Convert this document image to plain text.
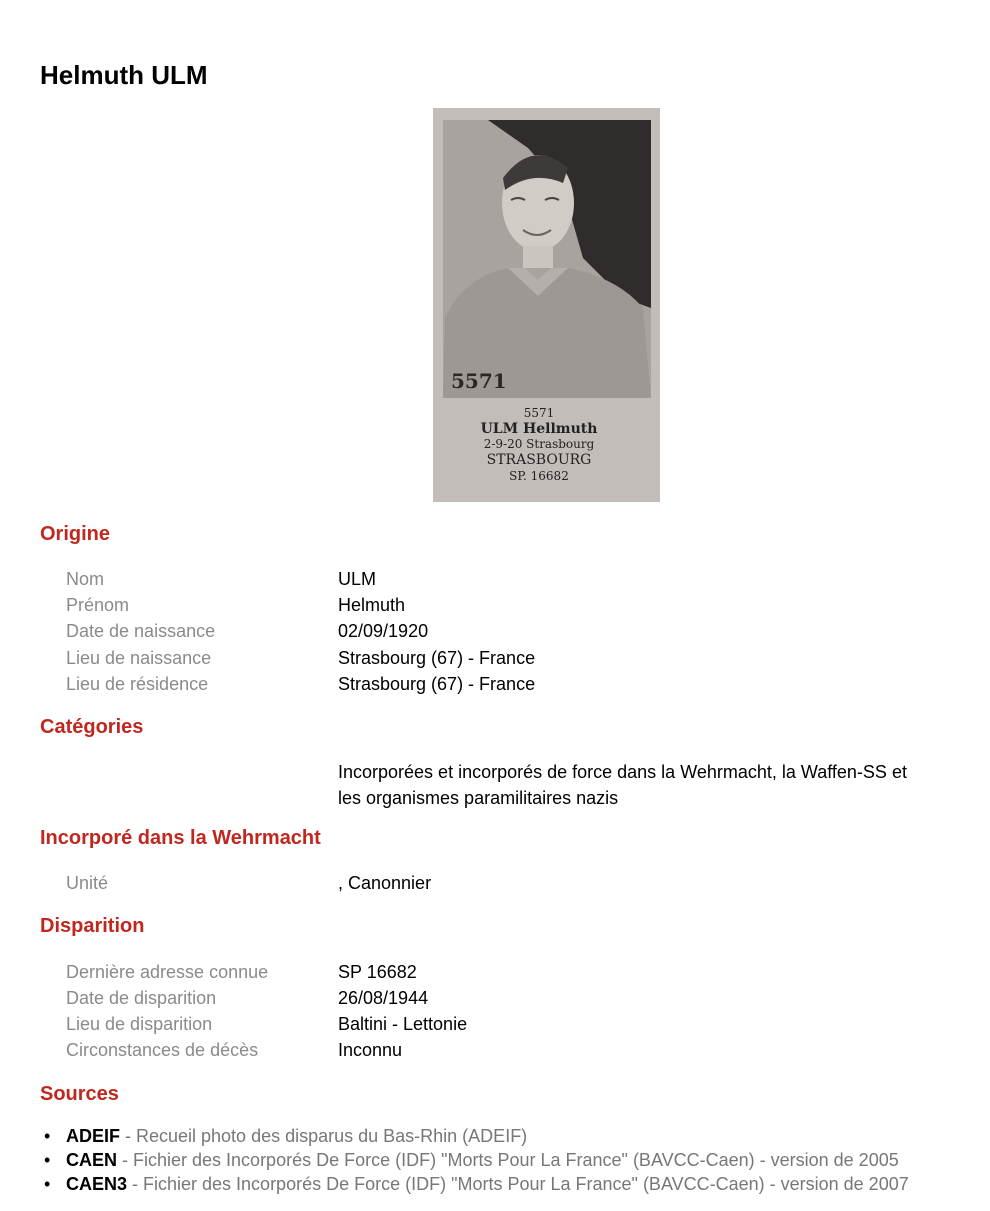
Helmuth ULM
5571
5571
ULM Hellmuth
2-9-20 Strasbourg
STRASBOURG
SP. 16682
Origine
Nom	ULM
Prénom	Helmuth
Date de naissance	02/09/1920
Lieu de naissance	Strasbourg (67) - France
Lieu de résidence	Strasbourg (67) - France
Catégories
Incorporées et incorporés de force dans la Wehrmacht, la Waffen-SS et les organismes paramilitaires nazis
Incorporé dans la Wehrmacht
Unité	, Canonnier
Disparition
Dernière adresse connue	SP 16682
Date de disparition	26/08/1944
Lieu de disparition	Baltini - Lettonie
Circonstances de décès	Inconnu
Sources
• ADEIF - Recueil photo des disparus du Bas-Rhin (ADEIF)
• CAEN - Fichier des Incorporés De Force (IDF) "Morts Pour La France" (BAVCC-Caen) - version de 2005
• CAEN3 - Fichier des Incorporés De Force (IDF) "Morts Pour La France" (BAVCC-Caen) - version de 2007
